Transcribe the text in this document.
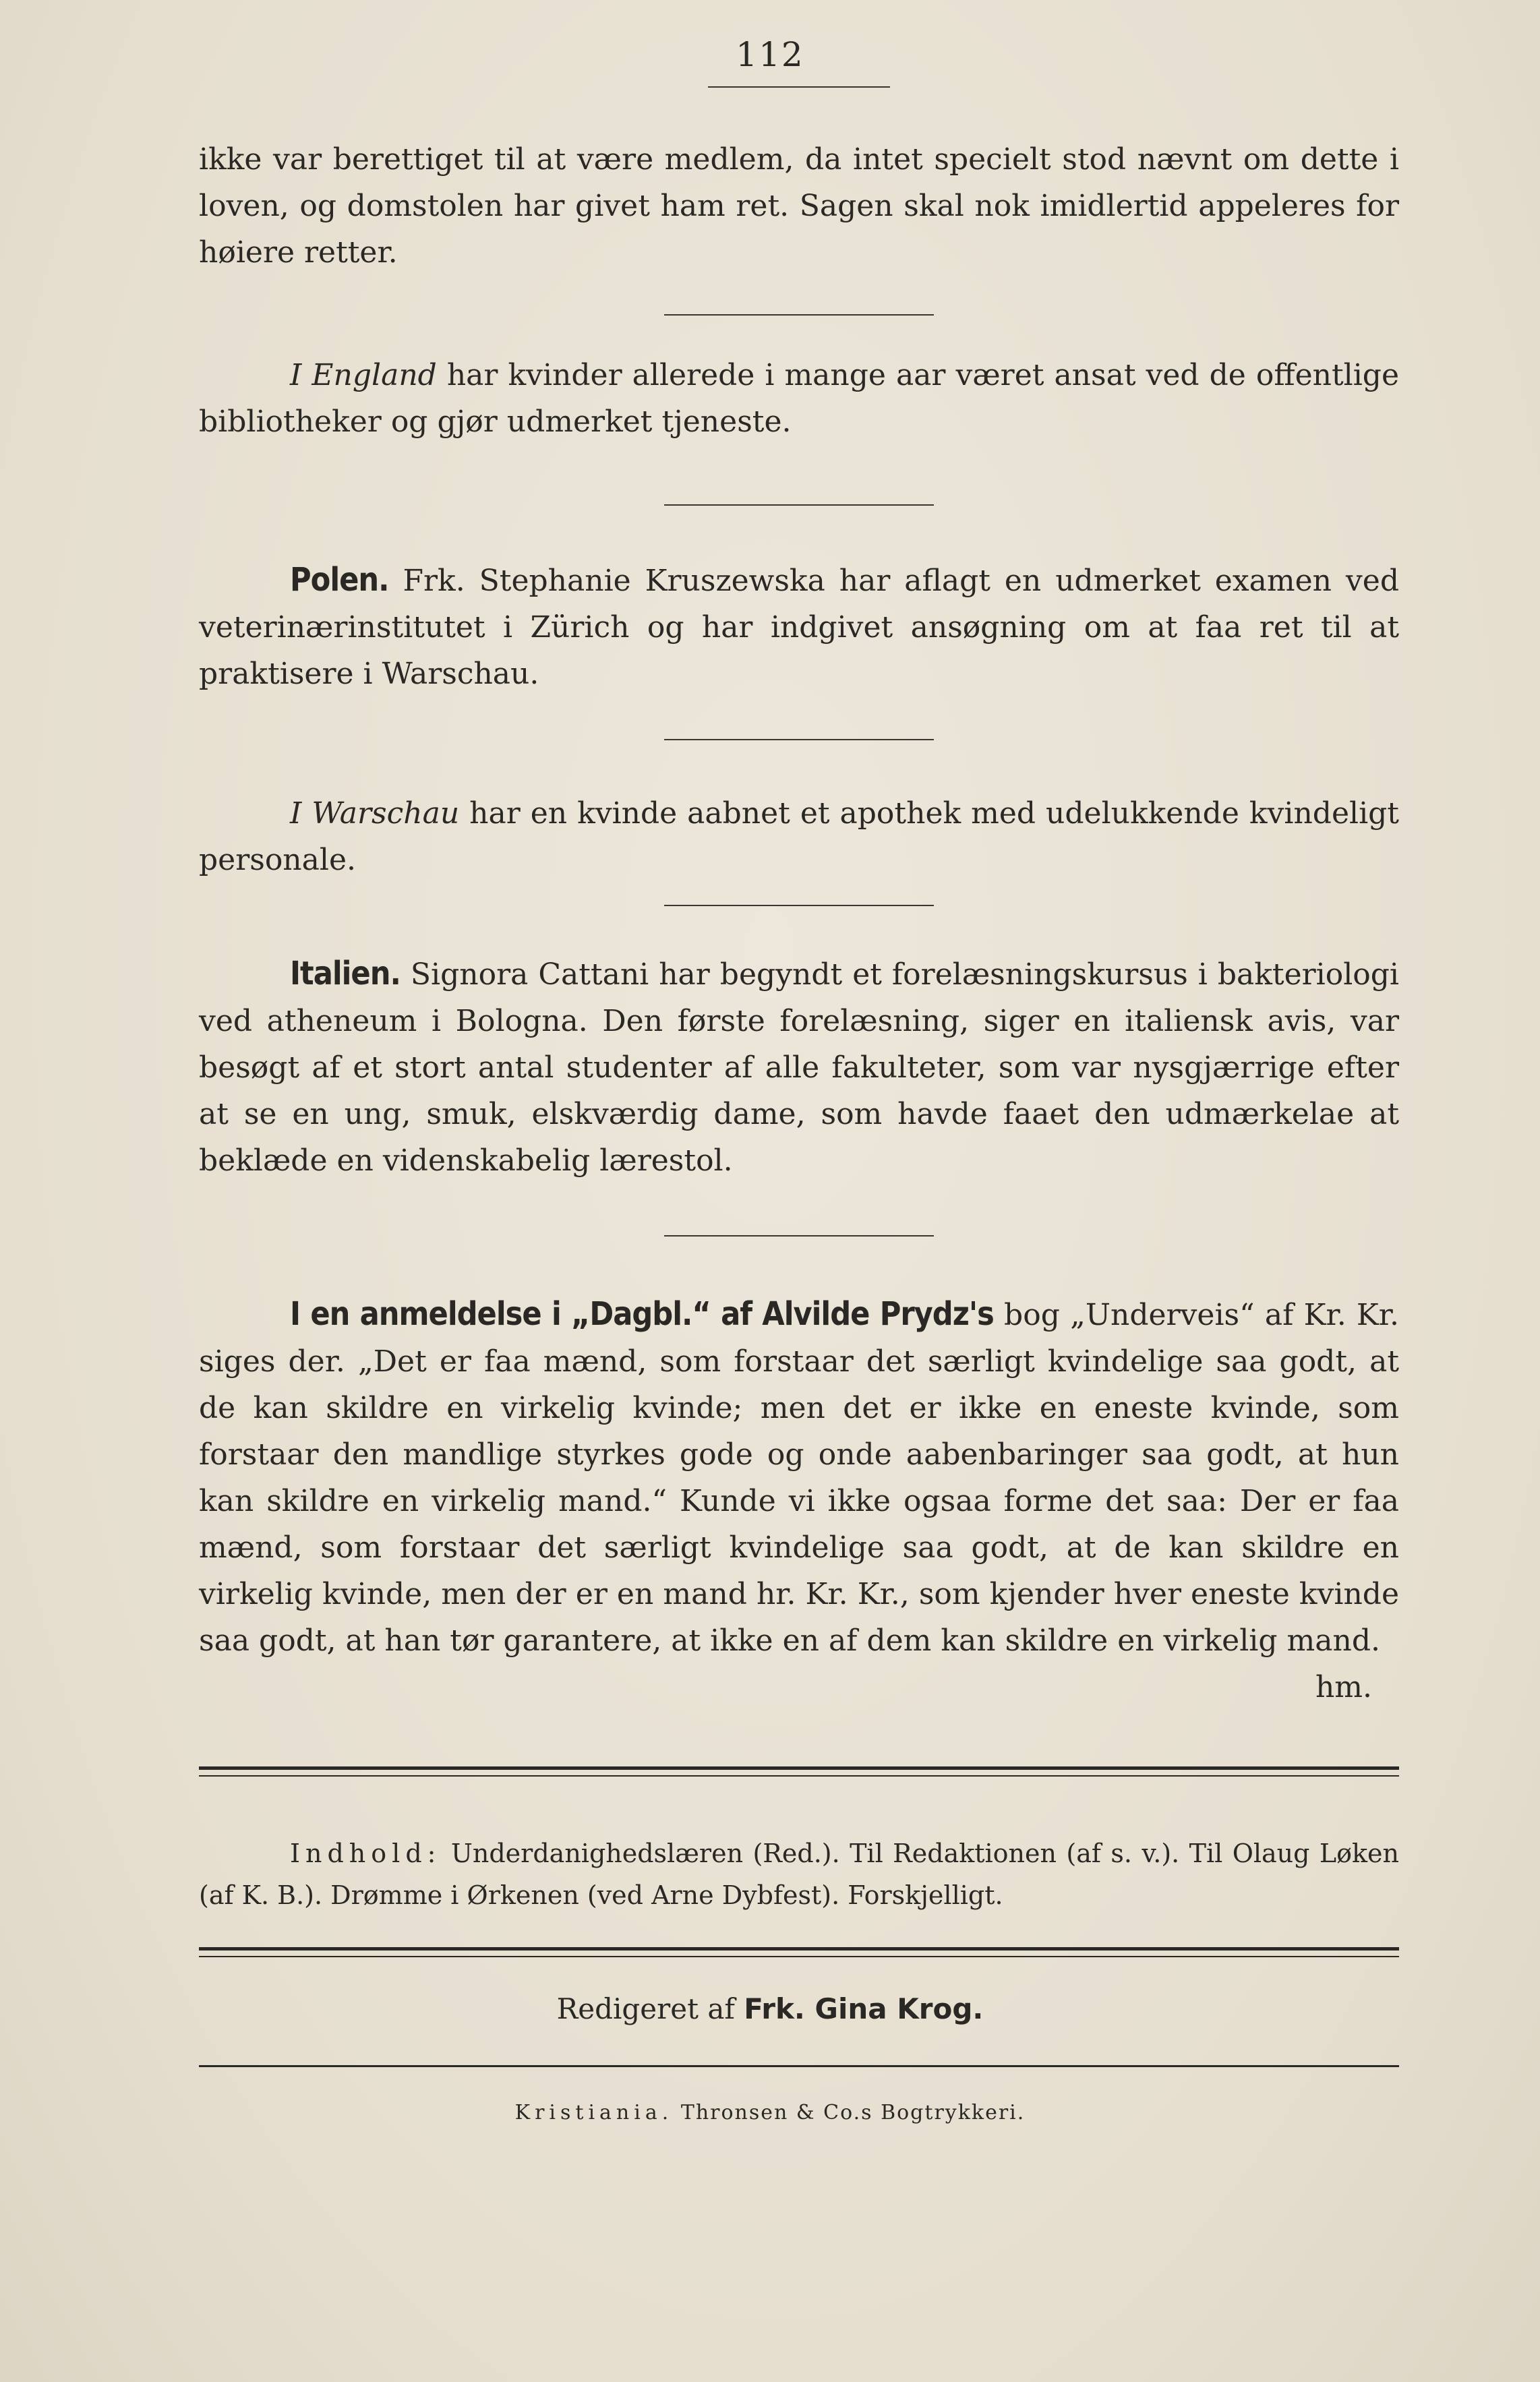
112

ikke var berettiget til at være medlem, da intet specielt stod nævnt om dette i loven, og domstolen har givet ham ret. Sagen skal nok imidlertid appeleres for høiere retter.

I England har kvinder allerede i mange aar været ansat ved de offentlige bibliotheker og gjør udmerket tjeneste.

Polen. Frk. Stephanie Kruszewska har aflagt en udmerket examen ved veterinærinstitutet i Zürich og har indgivet ansøgning om at faa ret til at praktisere i Warschau.

I Warschau har en kvinde aabnet et apothek med udelukkende kvindeligt personale.

Italien. Signora Cattani har begyndt et forelæsningskursus i bakteriologi ved atheneum i Bologna. Den første forelæsning, siger en italiensk avis, var besøgt af et stort antal studenter af alle fakulteter, som var nysgjærrige efter at se en ung, smuk, elskværdig dame, som havde faaet den udmærkelae at beklæde en videnskabelig lærestol.

I en anmeldelse i „Dagbl.“ af Alvilde Prydz's bog „Underveis“ af Kr. Kr. siges der. „Det er faa mænd, som forstaar det særligt kvindelige saa godt, at de kan skildre en virkelig kvinde; men det er ikke en eneste kvinde, som forstaar den mandlige styrkes gode og onde aabenbaringer saa godt, at hun kan skildre en virkelig mand.“ Kunde vi ikke ogsaa forme det saa: Der er faa mænd, som forstaar det særligt kvindelige saa godt, at de kan skildre en virkelig kvinde, men der er en mand hr. Kr. Kr., som kjender hver eneste kvinde saa godt, at han tør garantere, at ikke en af dem kan skildre en virkelig mand.

hm.

Indhold: Underdanighedslæren (Red.). Til Redaktionen (af s. v.). Til Olaug Løken (af K. B.). Drømme i Ørkenen (ved Arne Dybfest). Forskjelligt.

Redigeret af Frk. Gina Krog.
Kristiania. Thronsen & Co.s Bogtrykkeri.
